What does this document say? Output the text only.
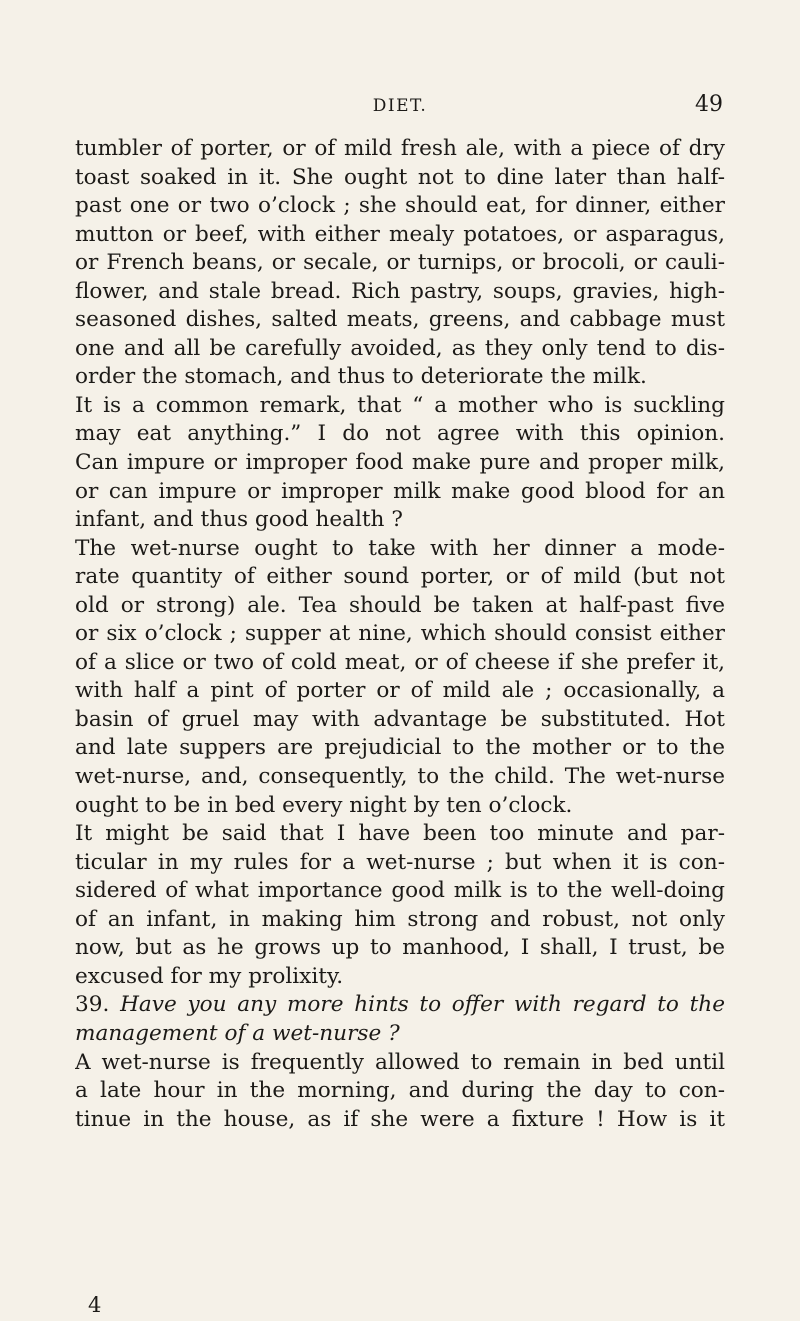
DIET.	49
tumbler of porter, or of mild fresh ale, with a piece of dry
toast soaked in it. She ought not to dine later than half-
past one or two o’clock ; she should eat, for dinner, either
mutton or beef, with either mealy potatoes, or asparagus,
or French beans, or secale, or turnips, or brocoli, or cauli-
flower, and stale bread. Rich pastry, soups, gravies, high-
seasoned dishes, salted meats, greens, and cabbage must
one and all be carefully avoided, as they only tend to dis-
order the stomach, and thus to deteriorate the milk.
It is a common remark, that “ a mother who is suckling
may eat anything.” I do not agree with this opinion.
Can impure or improper food make pure and proper milk,
or can impure or improper milk make good blood for an
infant, and thus good health ?
The wet-nurse ought to take with her dinner a mode-
rate quantity of either sound porter, or of mild (but not
old or strong) ale. Tea should be taken at half-past five
or six o’clock ; supper at nine, which should consist either
of a slice or two of cold meat, or of cheese if she prefer it,
with half a pint of porter or of mild ale ; occasionally, a
basin of gruel may with advantage be substituted. Hot
and late suppers are prejudicial to the mother or to the
wet-nurse, and, consequently, to the child. The wet-nurse
ought to be in bed every night by ten o’clock.
It might be said that I have been too minute and par-
ticular in my rules for a wet-nurse ; but when it is con-
sidered of what importance good milk is to the well-doing
of an infant, in making him strong and robust, not only
now, but as he grows up to manhood, I shall, I trust, be
excused for my prolixity.
39. Have you any more hints to offer with regard to the
management of a wet-nurse ?
A wet-nurse is frequently allowed to remain in bed until
a late hour in the morning, and during the day to con-
tinue in the house, as if she were a fixture ! How is it
4
